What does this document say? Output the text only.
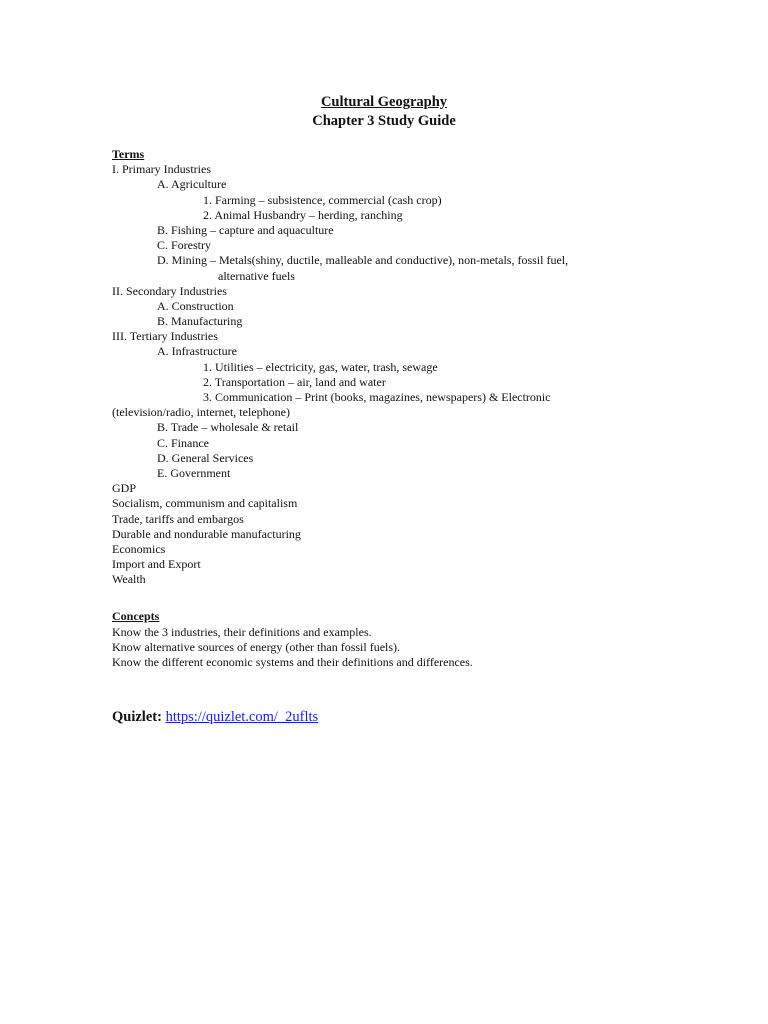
Cultural Geography
Chapter 3 Study Guide
Terms
I. Primary Industries
A. Agriculture
1. Farming – subsistence, commercial (cash crop)
2. Animal Husbandry – herding, ranching
B. Fishing – capture and aquaculture
C. Forestry
D. Mining – Metals(shiny, ductile, malleable and conductive), non-metals, fossil fuel,
alternative fuels
II. Secondary Industries
A. Construction
B. Manufacturing
III. Tertiary Industries
A. Infrastructure
1. Utilities – electricity, gas, water, trash, sewage
2. Transportation – air, land and water
3. Communication – Print (books, magazines, newspapers) & Electronic
(television/radio, internet, telephone)
B. Trade – wholesale & retail
C. Finance
D. General Services
E. Government
GDP
Socialism, communism and capitalism
Trade, tariffs and embargos
Durable and nondurable manufacturing
Economics
Import and Export
Wealth
Concepts
Know the 3 industries, their definitions and examples.
Know alternative sources of energy (other than fossil fuels).
Know the different economic systems and their definitions and differences.
Quizlet: https://quizlet.com/_2uflts
